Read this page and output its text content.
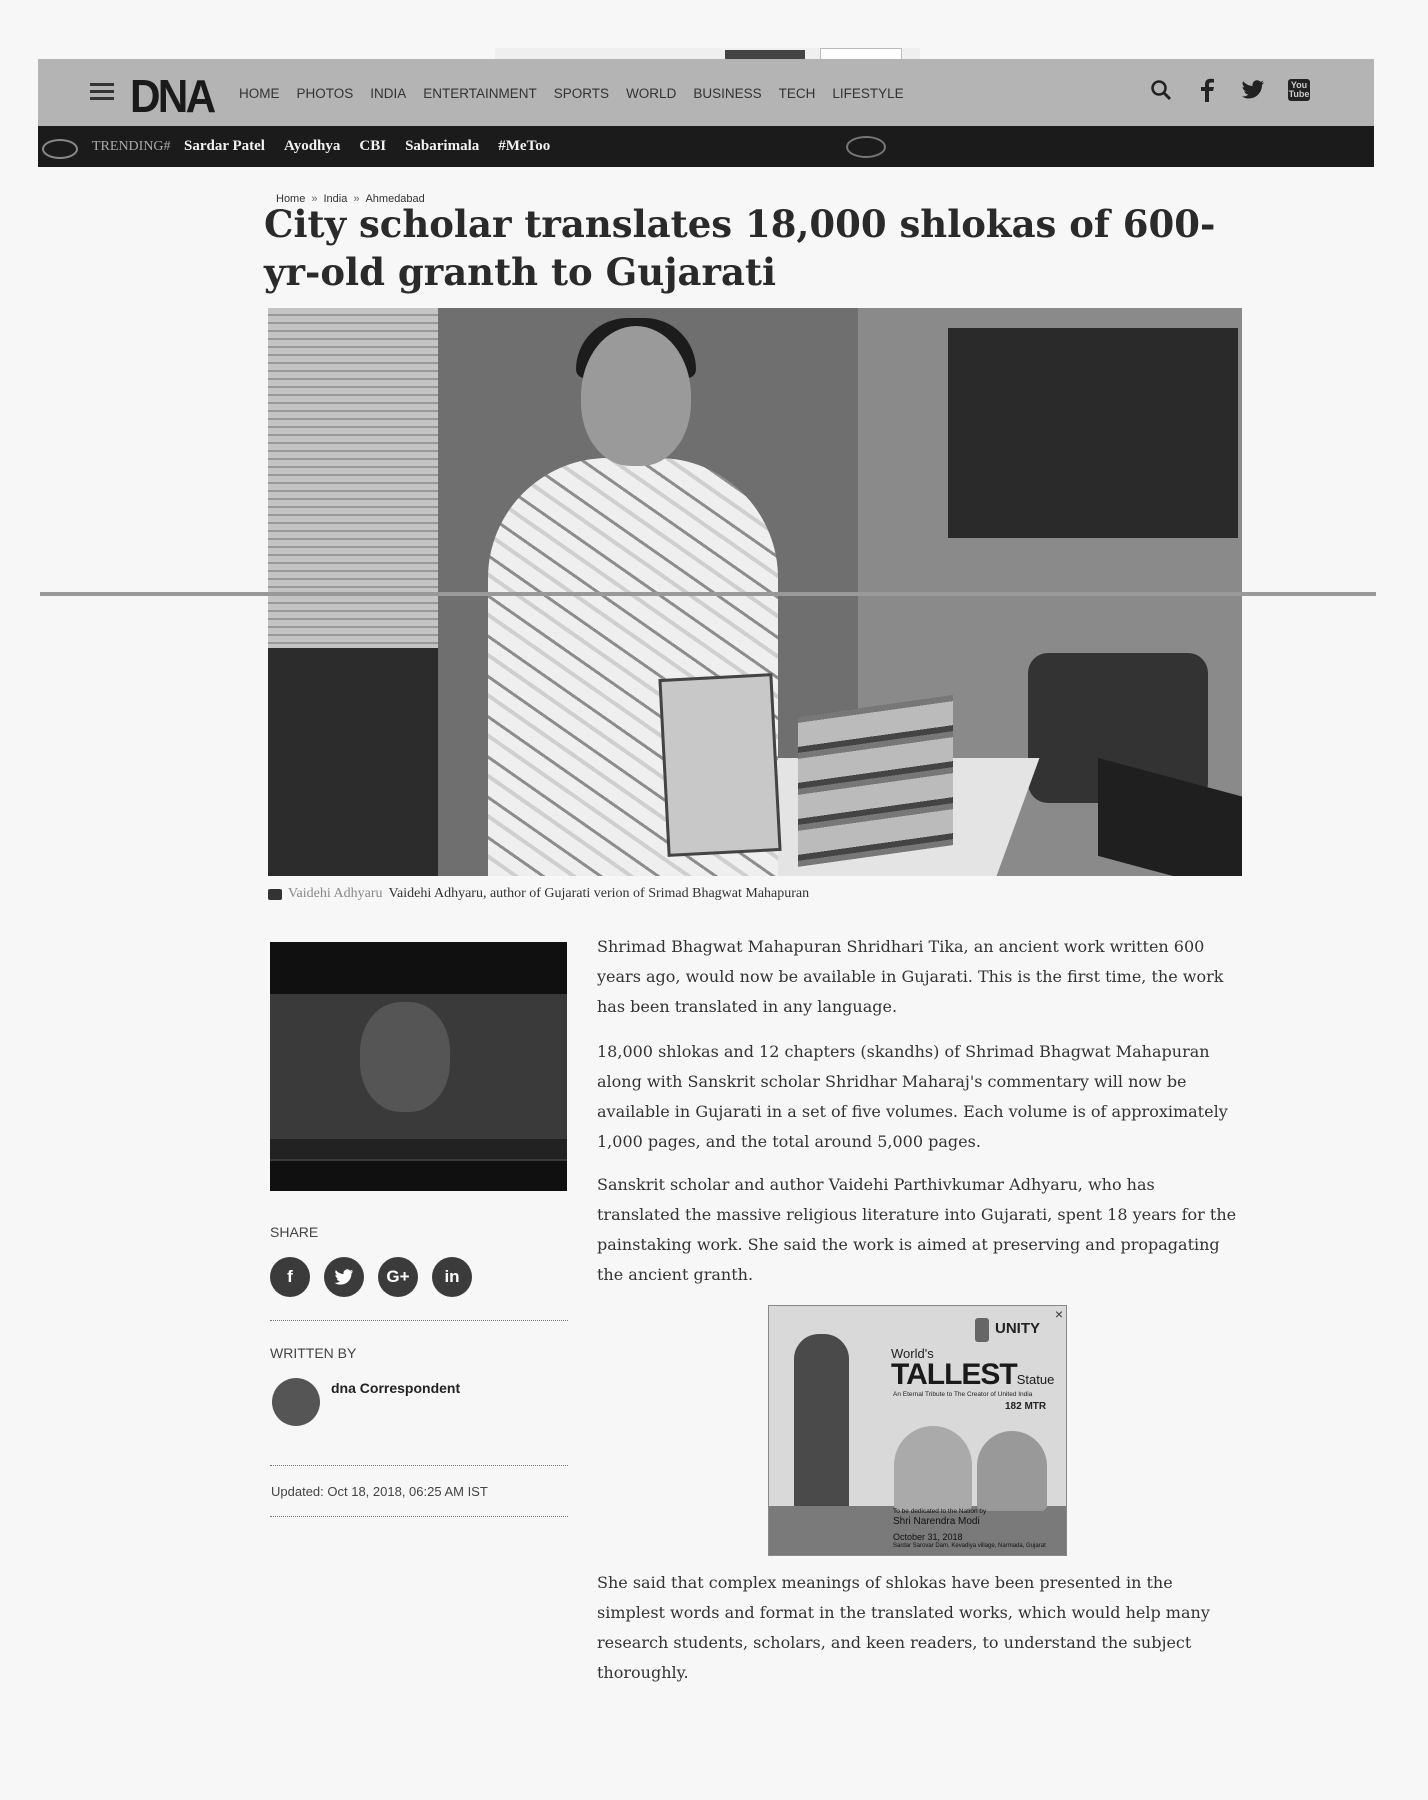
DNA HOME PHOTOS INDIA ENTERTAINMENT SPORTS WORLD BUSINESS TECH LIFESTYLE
You Tube
TRENDING# Sardar Patel Ayodhya CBI Sabarimala #MeToo
Home » India » Ahmedabad
City scholar translates 18,000 shlokas of 600-yr-old granth to Gujarati
Vaidehi Adhyaru Vaidehi Adhyaru, author of Gujarati verion of Srimad Bhagwat Mahapuran
SHARE
f	G+	in
WRITTEN BY
dna Correspondent
Updated: Oct 18, 2018, 06:25 AM IST

Shrimad Bhagwat Mahapuran Shridhari Tika, an ancient work written 600 years ago, would now be available in Gujarati. This is the first time, the work has been translated in any language.

18,000 shlokas and 12 chapters (skandhs) of Shrimad Bhagwat Mahapuran along with Sanskrit scholar Shridhar Maharaj's commentary will now be available in Gujarati in a set of five volumes. Each volume is of approximately 1,000 pages, and the total around 5,000 pages.

Sanskrit scholar and author Vaidehi Parthivkumar Adhyaru, who has translated the massive religious literature into Gujarati, spent 18 years for the painstaking work. She said the work is aimed at preserving and propagating the ancient granth.

×
UNITY
World's
TALLESTStatue
An Eternal Tribute to The Creator of United India
182 MTR
To be dedicated to the Nation by
Shri Narendra Modi
October 31, 2018
Sardar Sarovar Dam, Kevadiya village, Narmada, Gujarat

She said that complex meanings of shlokas have been presented in the simplest words and format in the translated works, which would help many research students, scholars, and keen readers, to understand the subject thoroughly.
